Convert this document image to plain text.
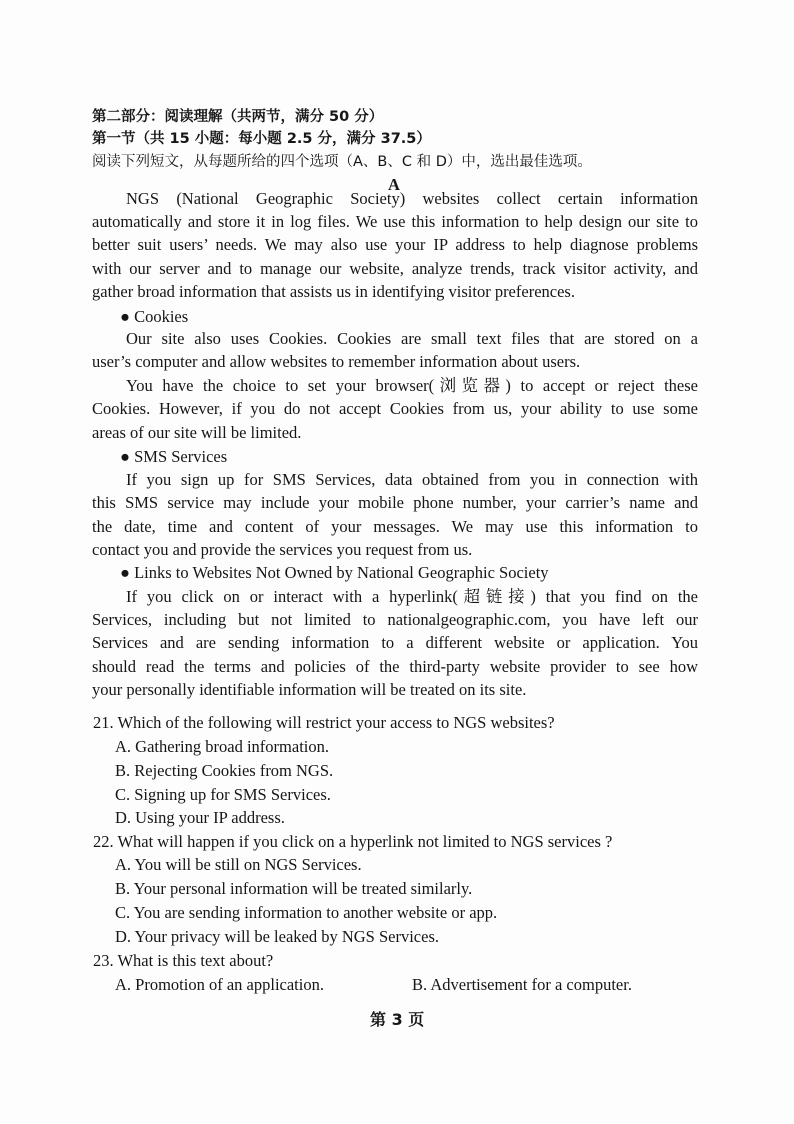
第二部分：阅读理解（共两节，满分 50 分）
第一节（共 15 小题：每小题 2.5 分，满分 37.5）
阅读下列短文，从每题所给的四个选项（A、B、C 和 D）中，选出最佳选项。
A
NGS (National Geographic Society) websites collect certain information
automatically and store it in log files. We use this information to help design our site to
better suit users’ needs. We may also use your IP address to help diagnose problems
with our server and to manage our website, analyze trends, track visitor activity, and
gather broad information that assists us in identifying visitor preferences.
● Cookies
Our site also uses Cookies. Cookies are small text files that are stored on a
user’s computer and allow websites to remember information about users.
You have the choice to set your browser(浏览器) to accept or reject these
Cookies. However, if you do not accept Cookies from us, your ability to use some
areas of our site will be limited.
● SMS Services
If you sign up for SMS Services, data obtained from you in connection with
this SMS service may include your mobile phone number, your carrier’s name and
the date, time and content of your messages. We may use this information to
contact you and provide the services you request from us.
● Links to Websites Not Owned by National Geographic Society
If you click on or interact with a hyperlink(超链接) that you find on the
Services, including but not limited to nationalgeographic.com, you have left our
Services and are sending information to a different website or application. You
should read the terms and policies of the third-party website provider to see how
your personally identifiable information will be treated on its site.
21. Which of the following will restrict your access to NGS websites?
A. Gathering broad information.
B. Rejecting Cookies from NGS.
C. Signing up for SMS Services.
D. Using your IP address.
22. What will happen if you click on a hyperlink not limited to NGS services ?
A. You will be still on NGS Services.
B. Your personal information will be treated similarly.
C. You are sending information to another website or app.
D. Your privacy will be leaked by NGS Services.
23. What is this text about?
A. Promotion of an application.	B. Advertisement for a computer.
第 3 页
